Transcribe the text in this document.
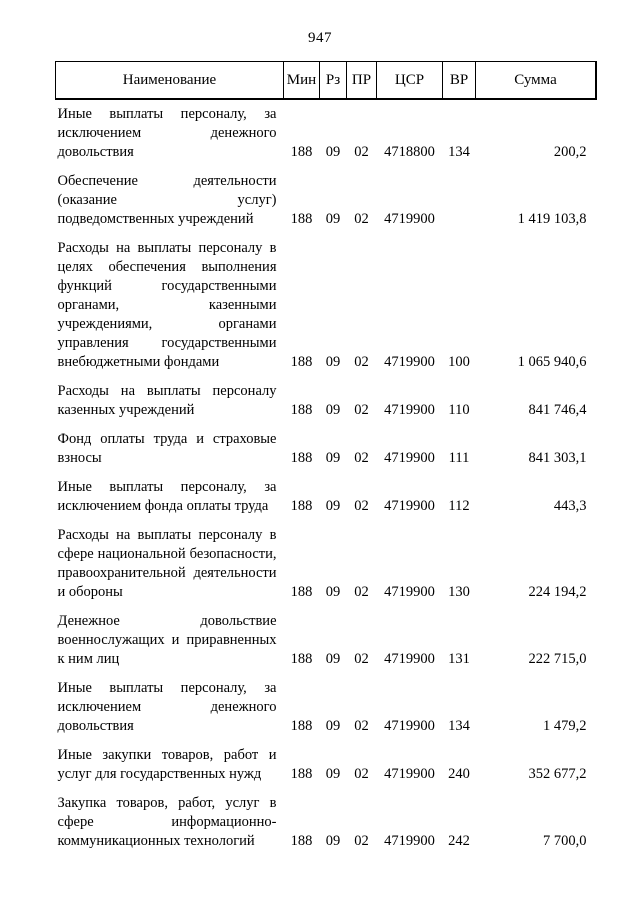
947
Наименование	Мин	Рз	ПР	ЦСР	ВР	Сумма
Иные выплаты персоналу, за исключением денежного довольствия	188	09	02	4718800	134	200,2
Обеспечение деятельности (оказание услуг) подведомственных учреждений	188	09	02	4719900		1 419 103,8
Расходы на выплаты персоналу в целях обеспечения выполнения функций государственными органами, казенными учреждениями, органами управления государственными внебюджетными фондами	188	09	02	4719900	100	1 065 940,6
Расходы на выплаты персоналу казенных учреждений	188	09	02	4719900	110	841 746,4
Фонд оплаты труда и страховые взносы	188	09	02	4719900	111	841 303,1
Иные выплаты персоналу, за исключением фонда оплаты труда	188	09	02	4719900	112	443,3
Расходы на выплаты персоналу в сфере национальной безопасности, правоохранительной деятельности и обороны	188	09	02	4719900	130	224 194,2
Денежное довольствие военнослужащих и приравненных к ним лиц	188	09	02	4719900	131	222 715,0
Иные выплаты персоналу, за исключением денежного довольствия	188	09	02	4719900	134	1 479,2
Иные закупки товаров, работ и услуг для государственных нужд	188	09	02	4719900	240	352 677,2
Закупка товаров, работ, услуг в сфере информационно-коммуникационных технологий	188	09	02	4719900	242	7 700,0
